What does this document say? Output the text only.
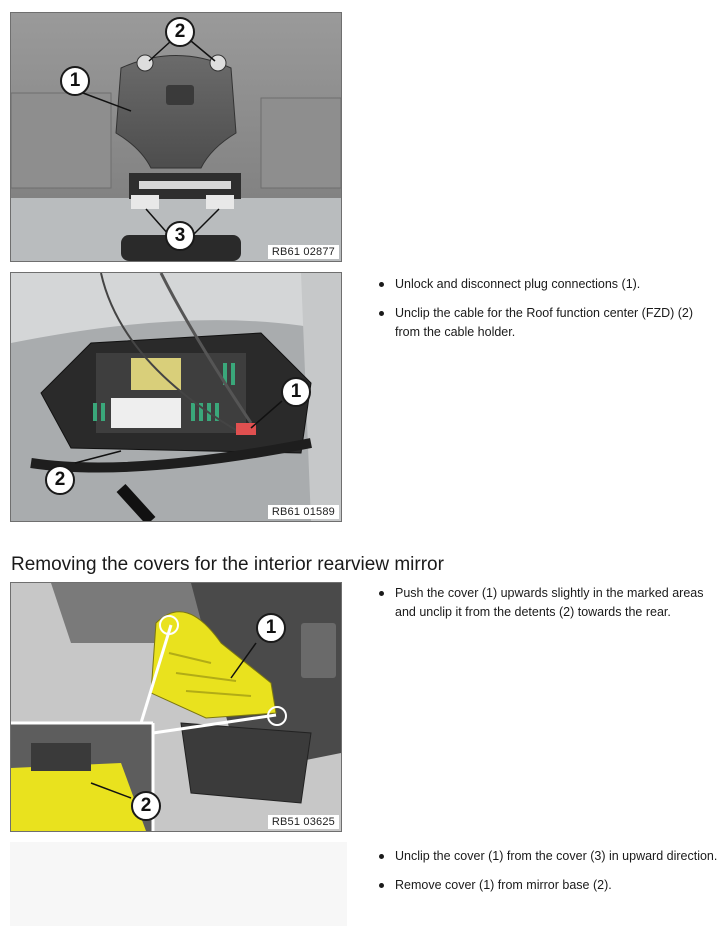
1
2
3
RB61 02877
1
2
RB61 01589
Unlock and disconnect plug connections (1).
Unclip the cable for the Roof function center (FZD) (2) from the cable holder.
Removing the covers for the interior rearview mirror
1
2
RB51 03625
Push the cover (1) upwards slightly in the marked areas and unclip it from the detents (2) towards the rear.
Unclip the cover (1) from the cover (3) in upward direction.
Remove cover (1) from mirror base (2).
